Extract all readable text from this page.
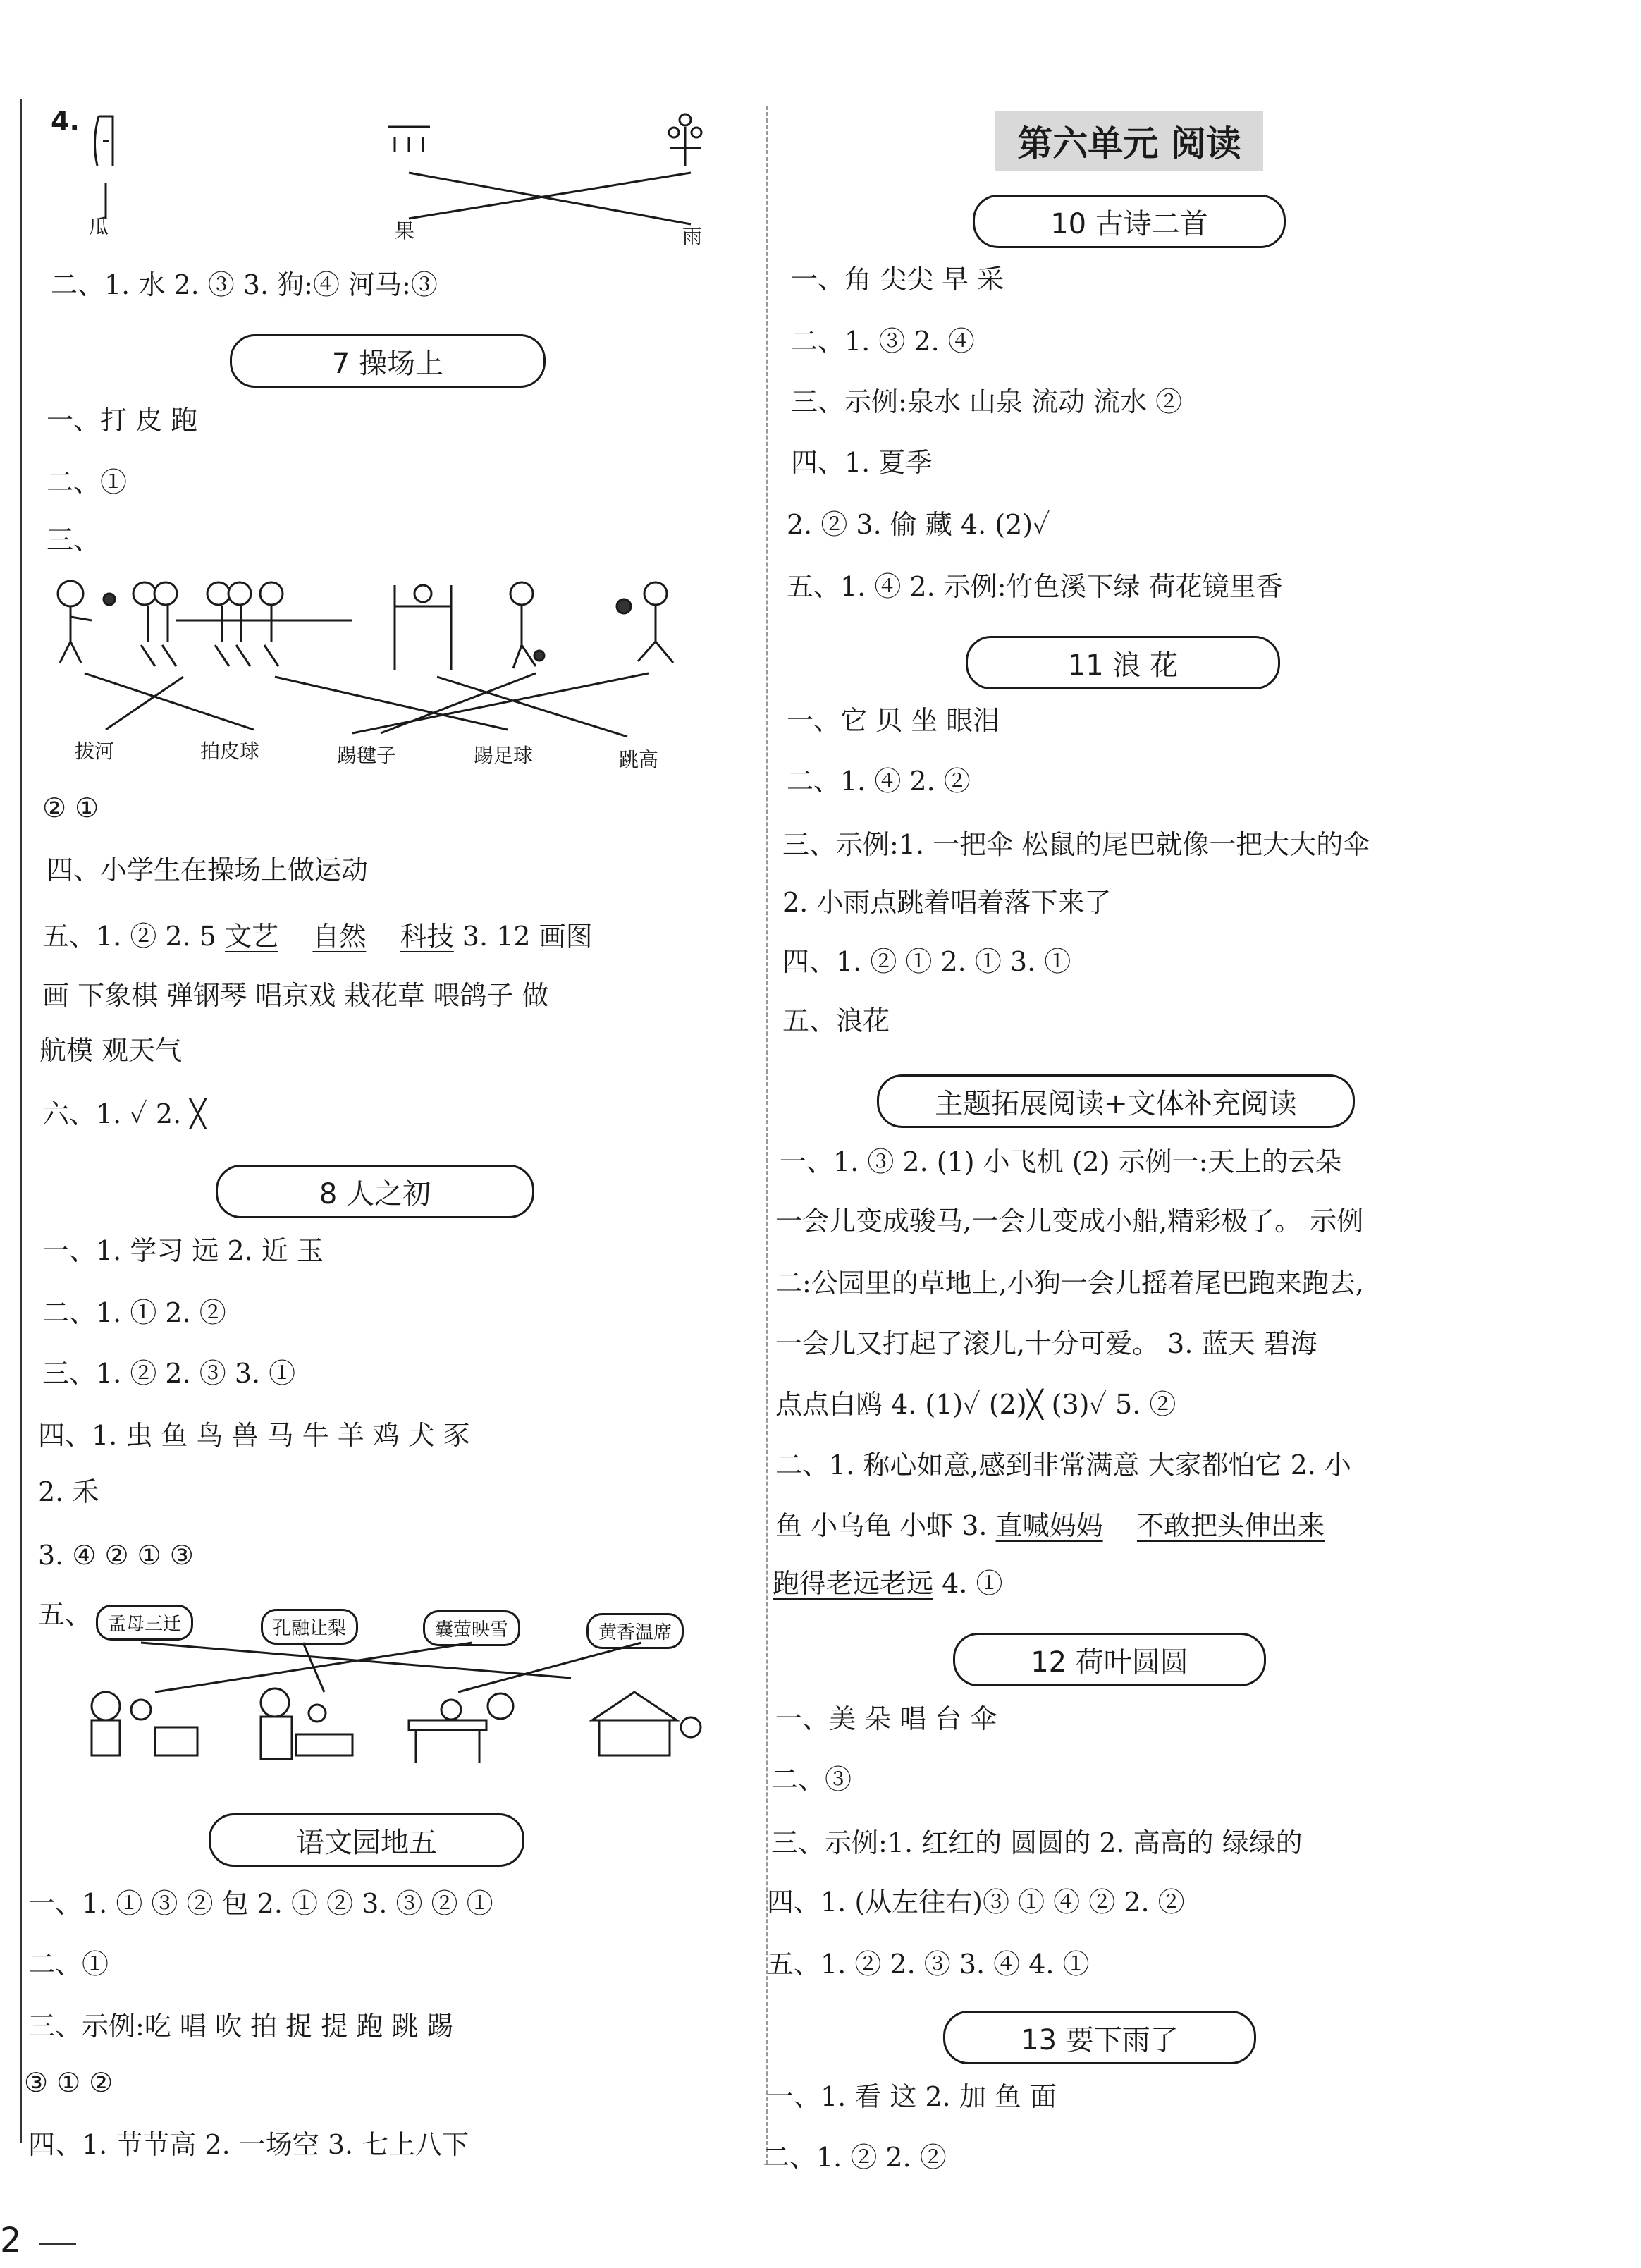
4.
瓜	果	雨
二、1. 水 2. ③ 3. 狗:④ 河马:③
7 操场上
一、打 皮 跑
二、①
三、
拔河	拍皮球	踢毽子	踢足球	跳高
② ①
四、小学生在操场上做运动
五、1. ② 2. 5 文艺 自然 科技 3. 12 画图
画 下象棋 弹钢琴 唱京戏 栽花草 喂鸽子 做
航模 观天气
六、1. ✓ 2. ╳
8 人之初
一、1. 学习 远 2. 近 玉
二、1. ① 2. ②
三、1. ② 2. ③ 3. ①
四、1. 虫 鱼 鸟 兽 马 牛 羊 鸡 犬 豕
2. 禾
3. ④ ② ① ③
五、 孟母三迁	孔融让梨	囊萤映雪	黄香温席
语文园地五
一、1. ① ③ ② 包 2. ① ② 3. ③ ② ①
二、①
三、示例:吃 唱 吹 拍 捉 提 跑 跳 踢
③ ① ②
四、1. 节节高 2. 一场空 3. 七上八下
2
第六单元 阅读
10 古诗二首
一、角 尖尖 早 采
二、1. ③ 2. ④
三、示例:泉水 山泉 流动 流水 ②
四、1. 夏季
2. ② 3. 偷 藏 4. (2)✓
五、1. ④ 2. 示例:竹色溪下绿 荷花镜里香
11 浪 花
一、它 贝 坐 眼泪
二、1. ④ 2. ②
三、示例:1. 一把伞 松鼠的尾巴就像一把大大的伞
2. 小雨点跳着唱着落下来了
四、1. ② ① 2. ① 3. ①
五、浪花
主题拓展阅读+文体补充阅读
一、1. ③ 2. (1) 小飞机 (2) 示例一:天上的云朵
一会儿变成骏马,一会儿变成小船,精彩极了。 示例
二:公园里的草地上,小狗一会儿摇着尾巴跑来跑去,
一会儿又打起了滚儿,十分可爱。 3. 蓝天 碧海
点点白鸥 4. (1)✓ (2)╳ (3)✓ 5. ②
二、1. 称心如意,感到非常满意 大家都怕它 2. 小
鱼 小乌龟 小虾 3. 直喊妈妈 不敢把头伸出来
跑得老远老远 4. ①
12 荷叶圆圆
一、美 朵 唱 台 伞
二、③
三、示例:1. 红红的 圆圆的 2. 高高的 绿绿的
四、1. (从左往右)③ ① ④ ② 2. ②
五、1. ② 2. ③ 3. ④ 4. ①
13 要下雨了
一、1. 看 这 2. 加 鱼 面
二、1. ② 2. ②
